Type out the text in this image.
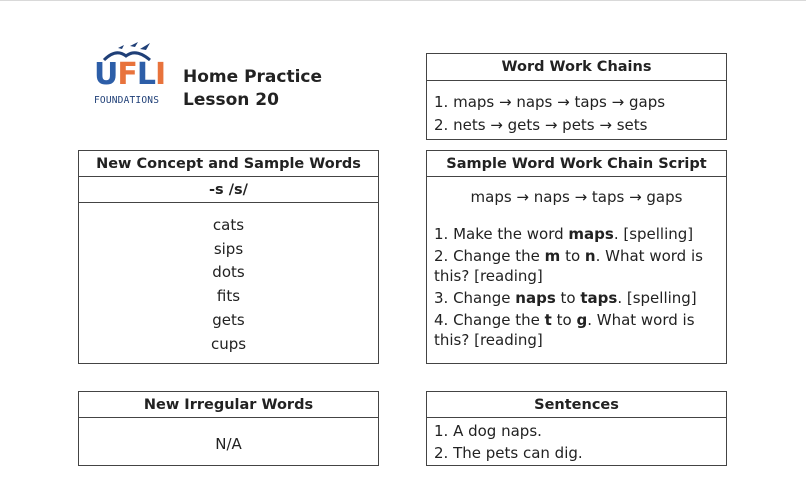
UFLI
FOUNDATIONS
Home Practice
Lesson 20
New Concept and Sample Words
-s /s/
cats
sips
dots
fits
gets
cups
Word Work Chains
1. maps → naps → taps → gaps
2. nets → gets → pets → sets
Sample Word Work Chain Script
maps → naps → taps → gaps

1. Make the word maps. [spelling]

2. Change the m to n. What word is this? [reading]

3. Change naps to taps. [spelling]

4. Change the t to g. What word is this? [reading]

New Irregular Words
N/A
Sentences
1. A dog naps.
2. The pets can dig.
